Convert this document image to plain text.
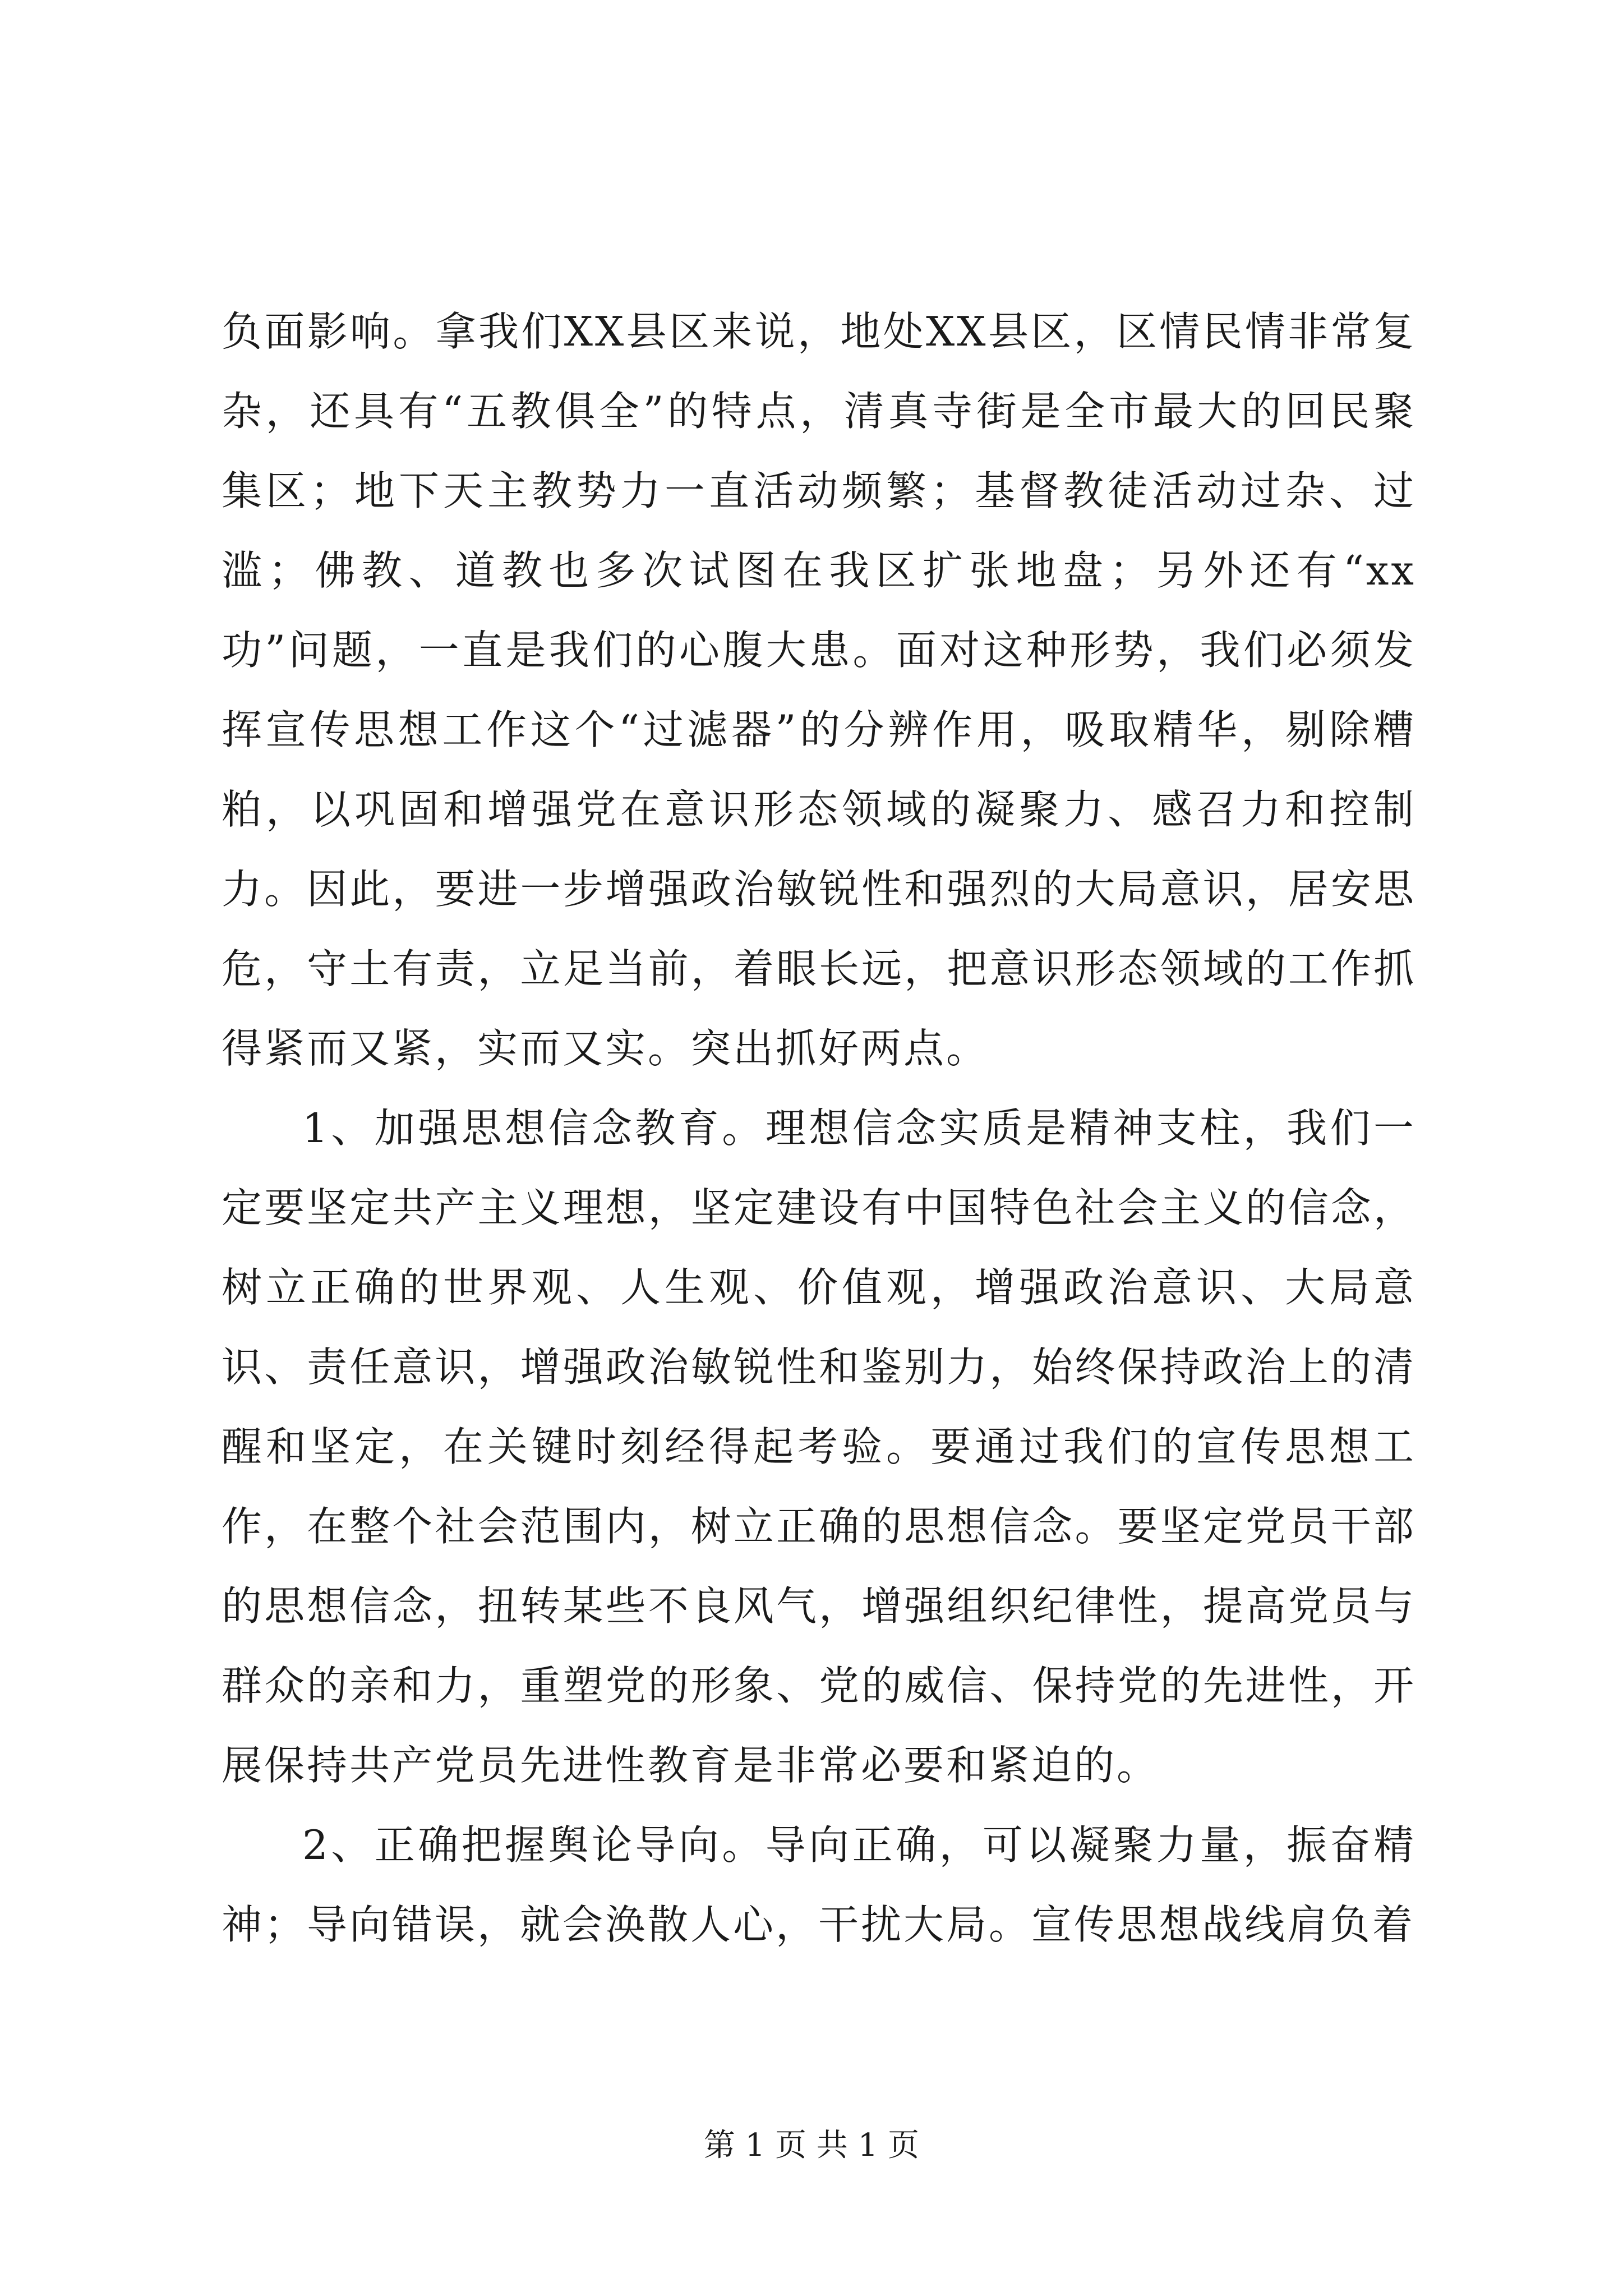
负面影响。拿我们XX县区来说，地处XX县区，区情民情非常复杂，还具有“五教俱全”的特点，清真寺街是全市最大的回民聚集区；地下天主教势力一直活动频繁；基督教徒活动过杂、过滥；佛教、道教也多次试图在我区扩张地盘；另外还有“xx功”问题，一直是我们的心腹大患。面对这种形势，我们必须发挥宣传思想工作这个“过滤器”的分辨作用，吸取精华，剔除糟粕，以巩固和增强党在意识形态领域的凝聚力、感召力和控制力。因此，要进一步增强政治敏锐性和强烈的大局意识，居安思危，守土有责，立足当前，着眼长远，把意识形态领域的工作抓得紧而又紧，实而又实。突出抓好两点。

1、加强思想信念教育。理想信念实质是精神支柱，我们一定要坚定共产主义理想，坚定建设有中国特色社会主义的信念，树立正确的世界观、人生观、价值观，增强政治意识、大局意识、责任意识，增强政治敏锐性和鉴别力，始终保持政治上的清醒和坚定，在关键时刻经得起考验。要通过我们的宣传思想工作，在整个社会范围内，树立正确的思想信念。要坚定党员干部的思想信念，扭转某些不良风气，增强组织纪律性，提高党员与群众的亲和力，重塑党的形象、党的威信、保持党的先进性，开展保持共产党员先进性教育是非常必要和紧迫的。

2、正确把握舆论导向。导向正确，可以凝聚力量，振奋精神；导向错误，就会涣散人心，干扰大局。宣传思想战线肩负着

第 1 页 共 1 页
